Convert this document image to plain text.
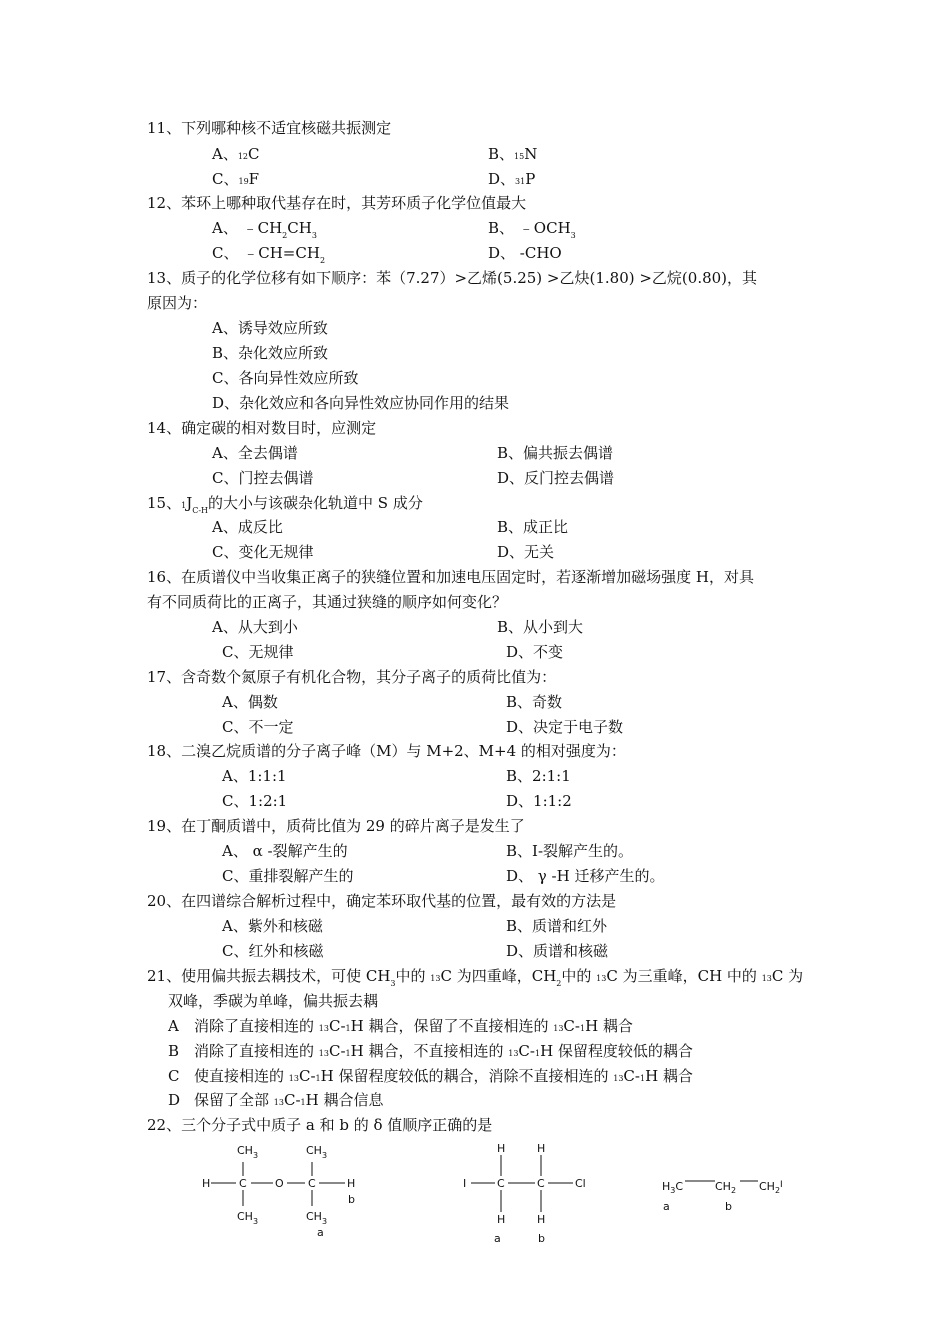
11、下列哪种核不适宜核磁共振测定
A、12C	B、15N
C、19F	D、31P
12、苯环上哪种取代基存在时，其芳环质子化学位值最大
A、 $﹣CH_2CH_3$	B、 $﹣OCH_3$
C、 $﹣CH=CH_2$	D、 -CHO
13、质子的化学位移有如下顺序：苯（7.27）>乙烯(5.25) >乙炔(1.80) >乙烷(0.80)，其
原因为：
A、诱导效应所致
B、杂化效应所致
C、各向异性效应所致
D、杂化效应和各向异性效应协同作用的结果
14、确定碳的相对数目时，应测定
A、全去偶谱	B、偏共振去偶谱
C、门控去偶谱	D、反门控去偶谱
15、$1J_{C-H}$的大小与该碳杂化轨道中 S 成分
A、成反比	B、成正比
C、变化无规律	D、无关
16、在质谱仪中当收集正离子的狭缝位置和加速电压固定时，若逐渐增加磁场强度 H，对具
有不同质荷比的正离子，其通过狭缝的顺序如何变化？
A、从大到小	B、从小到大
C、无规律	D、不变
17、含奇数个氮原子有机化合物，其分子离子的质荷比值为：
A、偶数	B、奇数
C、不一定	D、决定于电子数
18、二溴乙烷质谱的分子离子峰（M）与 M+2、M+4 的相对强度为：
A、1:1:1	B、2:1:1
C、1:2:1	D、1:1:2
19、在丁酮质谱中，质荷比值为 29 的碎片离子是发生了
A、 α -裂解产生的	B、I-裂解产生的。
C、重排裂解产生的	D、 γ -H 迁移产生的。
20、在四谱综合解析过程中，确定苯环取代基的位置，最有效的方法是
A、紫外和核磁	B、质谱和红外
C、红外和核磁	D、质谱和核磁
21、使用偏共振去耦技术，可使 $CH_3$中的 13C 为四重峰，$CH_2$中的 13C 为三重峰，CH 中的 13C 为
双峰，季碳为单峰，偏共振去耦
A 消除了直接相连的 13C-1H 耦合，保留了不直接相连的 13C-1H 耦合
B 消除了直接相连的 13C-1H 耦合，不直接相连的 13C-1H 保留程度较低的耦合
C 使直接相连的 13C-1H 保留程度较低的耦合，消除不直接相连的 13C-1H 耦合
D 保留了全部 13C-1H 耦合信息
22、三个分子式中质子 a 和 b 的 δ 值顺序正确的是
$CH_3$	$CH_3$
H	C	O C	H
b
$CH_3$	$CH_3$
a
H	H
I	C	C	Cl
H	H
a	b
$H_3C$	$CH_2$ $CH_2^I$
a	b
